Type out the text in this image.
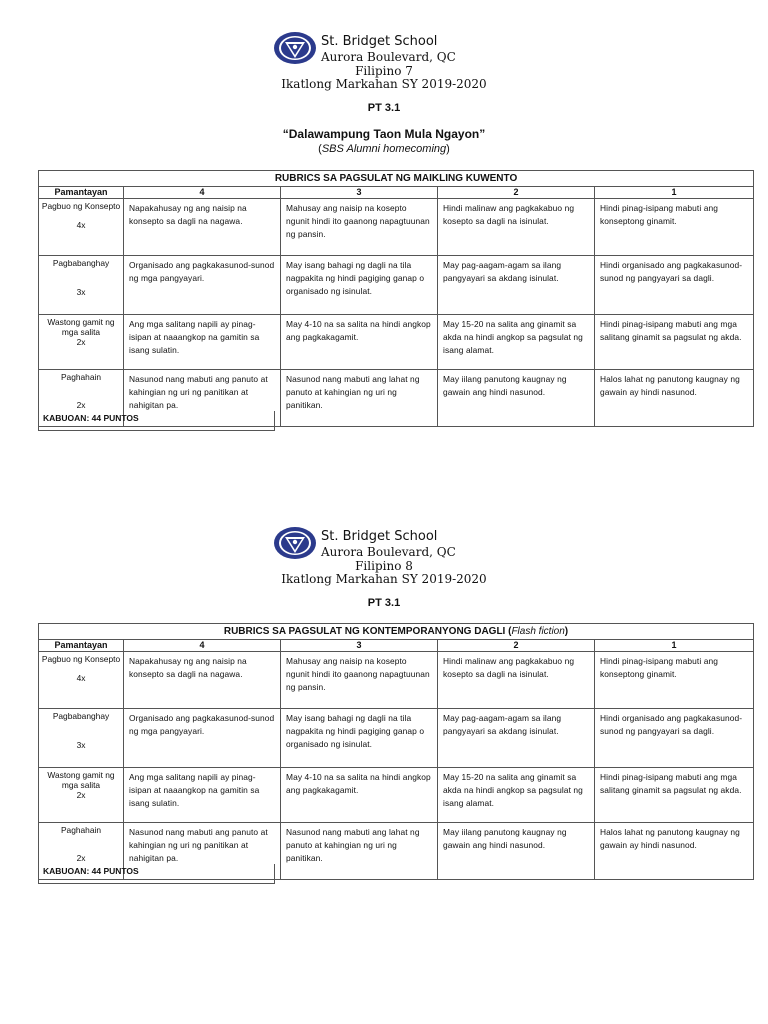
St. Bridget School
Aurora Boulevard, QC
Filipino 7
Ikatlong Markahan SY 2019-2020
PT 3.1
“Dalawampung Taon Mula Ngayon”
(SBS Alumni homecoming)
RUBRICS SA PAGSULAT NG MAIKLING KUWENTO				
Pamantayan	4	3	2	1
Pagbuo ng Konsepto
4x	Napakahusay ng ang naisip na konsepto sa dagli na nagawa.	Mahusay ang naisip na kosepto ngunit hindi ito gaanong napagtuunan ng pansin.	Hindi malinaw ang pagkakabuo ng kosepto sa dagli na isinulat.	Hindi pinag-isipang mabuti ang konseptong ginamit.
Pagbabanghay
3x	Organisado ang pagkakasunod-sunod ng mga pangyayari.	May isang bahagi ng dagli na tila nagpakita ng hindi pagiging ganap o organisado ng isinulat.	May pag-aagam-agam sa ilang pangyayari sa akdang isinulat.	Hindi organisado ang pagkakasunod- sunod ng pangyayari sa dagli.
Wastong gamit ng mga salita
2x	Ang mga salitang napili ay pinag-isipan at naaangkop na gamitin sa isang sulatin.	May 4-10 na sa salita na hindi angkop ang pagkakagamit.	May 15-20 na salita ang ginamit sa akda na hindi angkop sa pagsulat ng isang alamat.	Hindi pinag-isipang mabuti ang mga salitang ginamit sa pagsulat ng akda.
Paghahain
2x	Nasunod nang mabuti ang panuto at kahingian ng uri ng panitikan at nahigitan pa.	Nasunod nang mabuti ang lahat ng panuto at kahingian ng uri ng panitikan.	May iilang panutong kaugnay ng gawain ang hindi nasunod.	Halos lahat ng panutong kaugnay ng gawain ay hindi nasunod.
KABUOAN: 44 PUNTOS
St. Bridget School
Aurora Boulevard, QC
Filipino 8
Ikatlong Markahan SY 2019-2020
PT 3.1
RUBRICS SA PAGSULAT NG KONTEMPORANYONG DAGLI (Flash fiction)				
Pamantayan	4	3	2	1
Pagbuo ng Konsepto
4x	Napakahusay ng ang naisip na konsepto sa dagli na nagawa.	Mahusay ang naisip na kosepto ngunit hindi ito gaanong napagtuunan ng pansin.	Hindi malinaw ang pagkakabuo ng kosepto sa dagli na isinulat.	Hindi pinag-isipang mabuti ang konseptong ginamit.
Pagbabanghay
3x	Organisado ang pagkakasunod-sunod ng mga pangyayari.	May isang bahagi ng dagli na tila nagpakita ng hindi pagiging ganap o organisado ng isinulat.	May pag-aagam-agam sa ilang pangyayari sa akdang isinulat.	Hindi organisado ang pagkakasunod- sunod ng pangyayari sa dagli.
Wastong gamit ng mga salita
2x	Ang mga salitang napili ay pinag-isipan at naaangkop na gamitin sa isang sulatin.	May 4-10 na sa salita na hindi angkop ang pagkakagamit.	May 15-20 na salita ang ginamit sa akda na hindi angkop sa pagsulat ng isang alamat.	Hindi pinag-isipang mabuti ang mga salitang ginamit sa pagsulat ng akda.
Paghahain
2x	Nasunod nang mabuti ang panuto at kahingian ng uri ng panitikan at nahigitan pa.	Nasunod nang mabuti ang lahat ng panuto at kahingian ng uri ng panitikan.	May iilang panutong kaugnay ng gawain ang hindi nasunod.	Halos lahat ng panutong kaugnay ng gawain ay hindi nasunod.
KABUOAN: 44 PUNTOS
